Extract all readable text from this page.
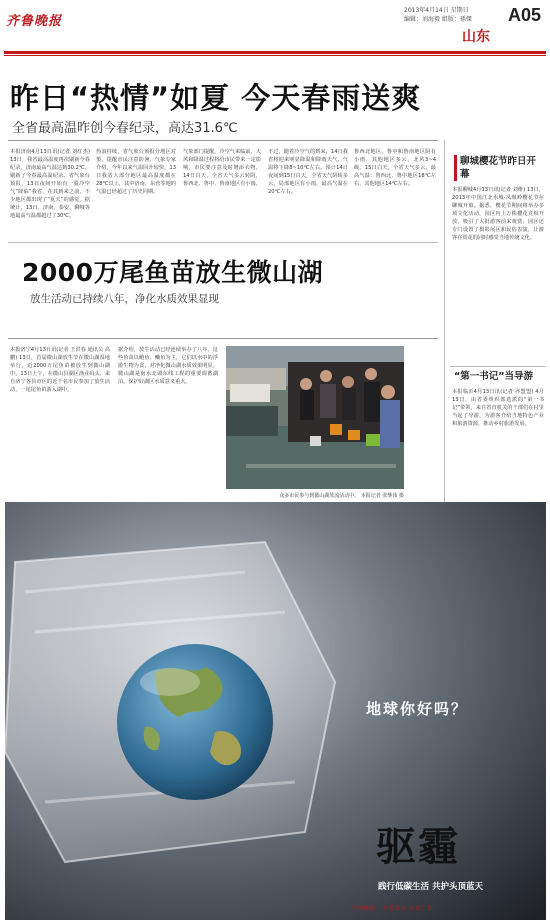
齐鲁晚报
2013年4月14日 星期日
编辑：刘海毅 組版：孫傑	A05
山东
昨日“热情”如夏 今天春雨送爽
全省最高温昨创今春纪录，高达31.6℃
本报济南4月13日讯(记者 刘红杰) 13日，我省最高温度再次刷新今春纪录，济南最高气温达到30.2℃，刷新了今春最高温纪录。省气象台预报，13日夜间开始有一股冷空气“降临”我省，在其到来之前，不少地区都出现了“夏天”的感觉。据统计，13日，济南、泰安、聊城等地最高气温都超过了30℃。
热浪持续，省气象台预报分地区对策，提醒市民注意防暑。气象专家介绍，今年以来气温回升较快，13日我省大部分地区最高温度都在28℃以上，其中济南、东营等地的气温已经超过了历史同期。
气象部门提醒，冷空气来临前，大风和降温过程将给市民带来一定影响，市民要注意及时增添衣物。14日白天，全省天气多云转阴，鲁西北、鲁中、鲁南地区有小雨。
不过，随着冷空气的到来，14日我省将迎来明显降温和降雨天气，气温将下降8~10℃左右。预计14日夜间到15日白天，全省天气阴转多云，局部地区有小雨，最高气温在20℃左右。
鲁西北地区、鲁中和鲁南地区阴有小雨，其他地区多云，北风3~4级。15日白天，全省天气多云，最高气温：鲁西北、鲁中地区18℃左右，其他地区14℃左右。
聊城樱花节昨日开幕
本报聊城4月13日讯(记者 刘维) 13日，2013年中国江北水城·凤凰岭樱花节在聊城开幕。据悉，樱花节期间将举办多项文化活动，园区内上万株樱花竞相开放，吸引了大批游客前来观赏。园区还专门设置了摄影展区和民俗表演，让游客在赏花的同时感受当地传统文化。
“第一书记”当导游
本报临沂4月13日讯(记者 齐盟盟) 4月13日，由省委组织部选派的“第一书记”带领，来自省直机关的干部们在村里当起了导游，为游客介绍当地特色产业和旅游资源，推动乡村旅游发展。
2000万尾鱼苗放生微山湖
放生活动已持续八年，净化水质效果显现
本报济宁4月13日讯(记者 王洪春 通讯员 高鹏) 13日，首届微山湖放生节在微山湖湿地举行，近2000万尾鱼苗被放生到微山湖中。13日上午，在微山县湖区渔业码头，来自济宁各县市区的近千名市民参加了放生活动，一尾尾鱼苗游入湖中。
据介绍，放生活动已经连续举办了八年，这些鱼苗以鲢鱼、鳙鱼为主，它们以水中的浮游生物为食，对净化微山湖水质效果明显。微山湖是南水北调东线工程的重要调蓄湖泊，保护好湖区水质意义重大。
众多市民参与到微山湖放流活动中。 本报记者 张继伟 摄
地球你好吗？
驱霾
践行低碳生活 共护头顶蓝天
齐鲁晚报 · 齐鲁壹点 公益广告
